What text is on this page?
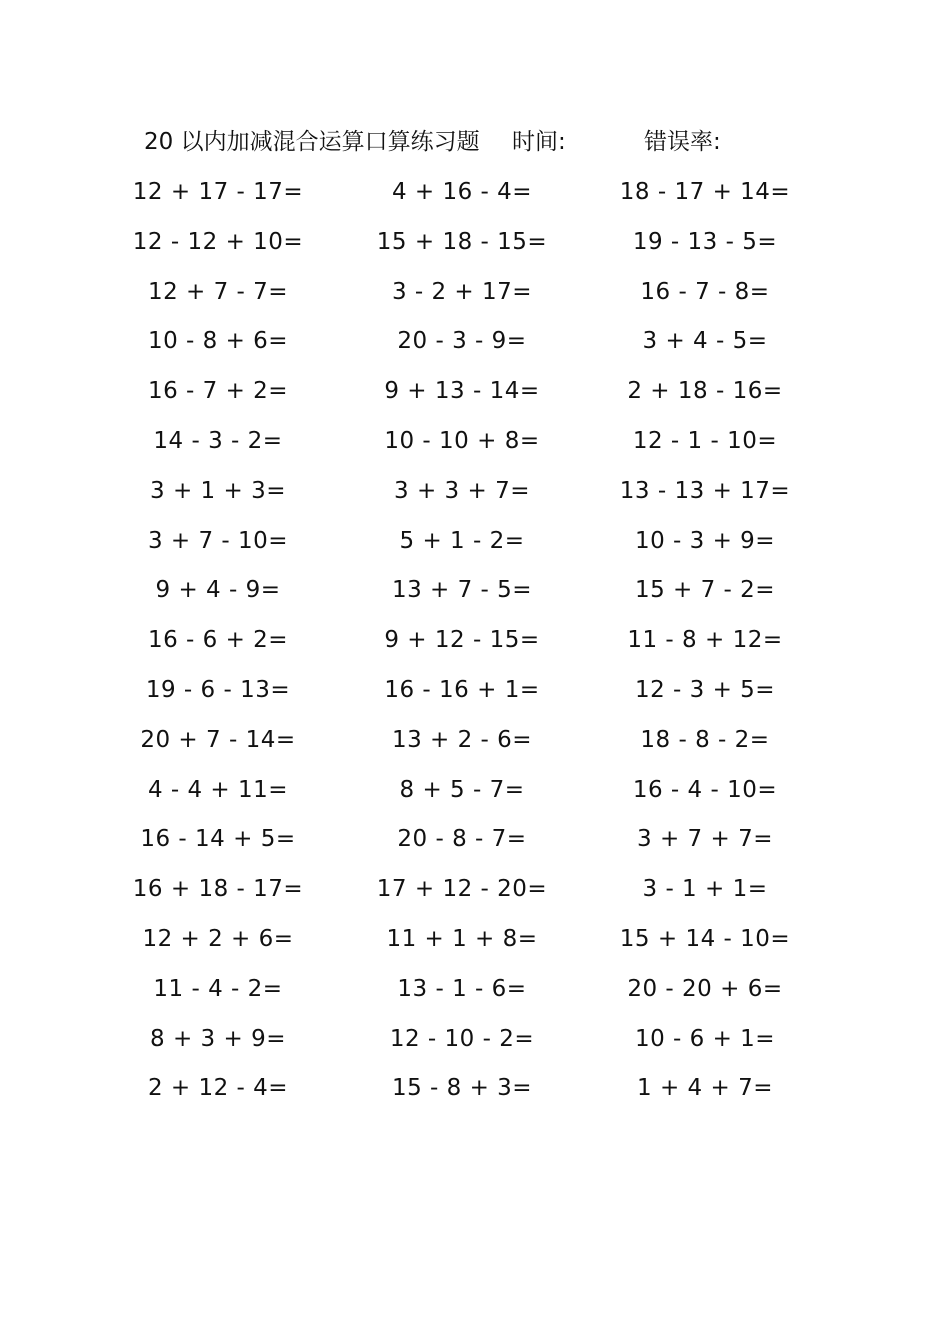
20 以内加减混合运算口算练习题 时间:	错误率:
12 + 17 - 17=	4 + 16 - 4=	18 - 17 + 14=
12 - 12 + 10=	15 + 18 - 15=	19 - 13 - 5=
12 + 7 - 7=	3 - 2 + 17=	16 - 7 - 8=
10 - 8 + 6=	20 - 3 - 9=	3 + 4 - 5=
16 - 7 + 2=	9 + 13 - 14=	2 + 18 - 16=
14 - 3 - 2=	10 - 10 + 8=	12 - 1 - 10=
3 + 1 + 3=	3 + 3 + 7=	13 - 13 + 17=
3 + 7 - 10=	5 + 1 - 2=	10 - 3 + 9=
9 + 4 - 9=	13 + 7 - 5=	15 + 7 - 2=
16 - 6 + 2=	9 + 12 - 15=	11 - 8 + 12=
19 - 6 - 13=	16 - 16 + 1=	12 - 3 + 5=
20 + 7 - 14=	13 + 2 - 6=	18 - 8 - 2=
4 - 4 + 11=	8 + 5 - 7=	16 - 4 - 10=
16 - 14 + 5=	20 - 8 - 7=	3 + 7 + 7=
16 + 18 - 17=	17 + 12 - 20=	3 - 1 + 1=
12 + 2 + 6=	11 + 1 + 8=	15 + 14 - 10=
11 - 4 - 2=	13 - 1 - 6=	20 - 20 + 6=
8 + 3 + 9=	12 - 10 - 2=	10 - 6 + 1=
2 + 12 - 4=	15 - 8 + 3=	1 + 4 + 7=
